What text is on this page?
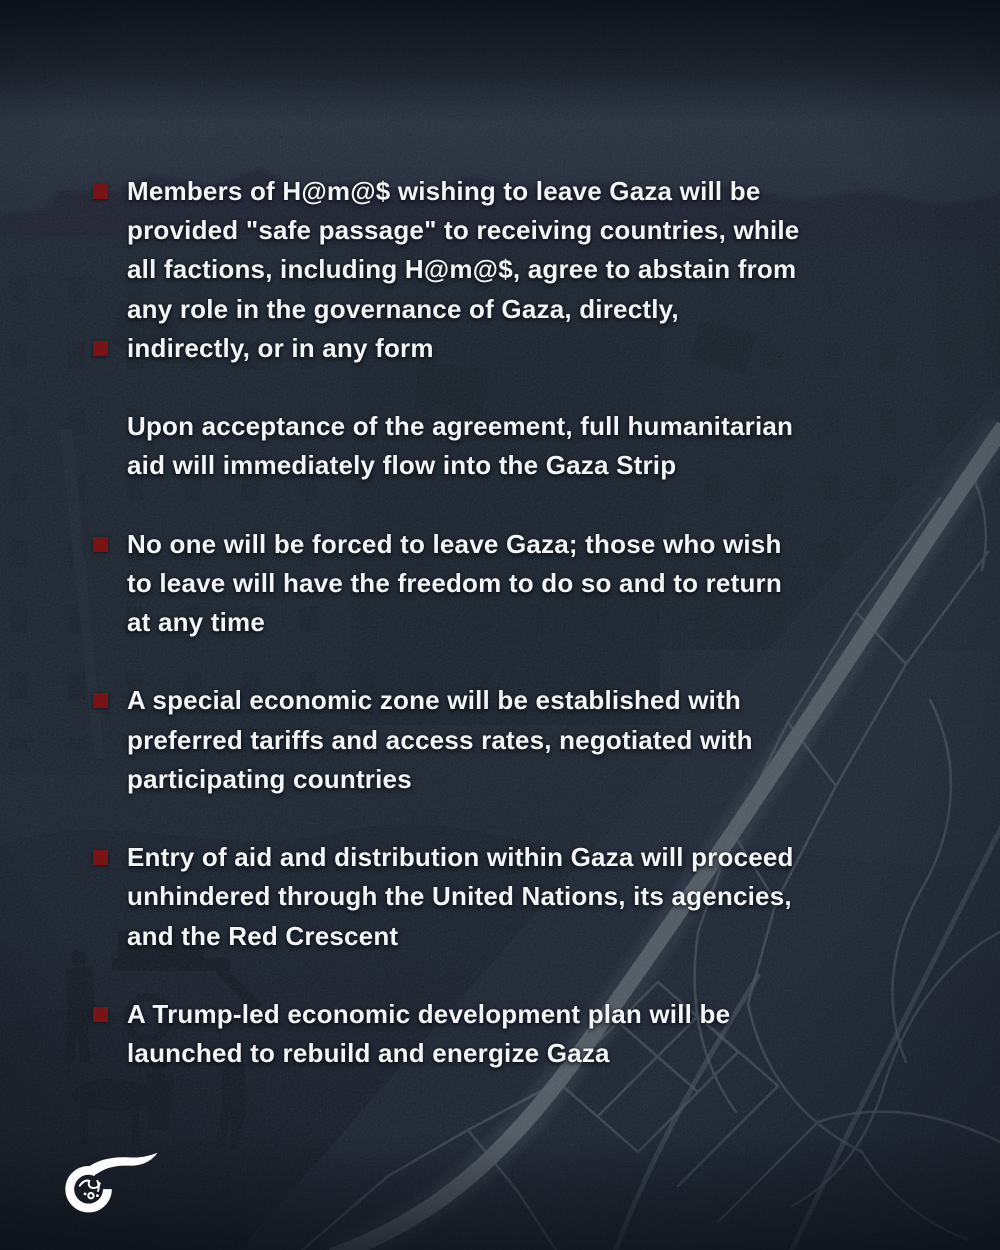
Members of H@m@$ wishing to leave Gaza will be
provided "safe passage" to receiving countries, while
all factions, including H@m@$, agree to abstain from
any role in the governance of Gaza, directly,
indirectly, or in any form
Upon acceptance of the agreement, full humanitarian
aid will immediately flow into the Gaza Strip
No one will be forced to leave Gaza; those who wish
to leave will have the freedom to do so and to return
at any time
A special economic zone will be established with
preferred tariffs and access rates, negotiated with
participating countries
Entry of aid and distribution within Gaza will proceed
unhindered through the United Nations, its agencies,
and the Red Crescent
A Trump-led economic development plan will be
launched to rebuild and energize Gaza
